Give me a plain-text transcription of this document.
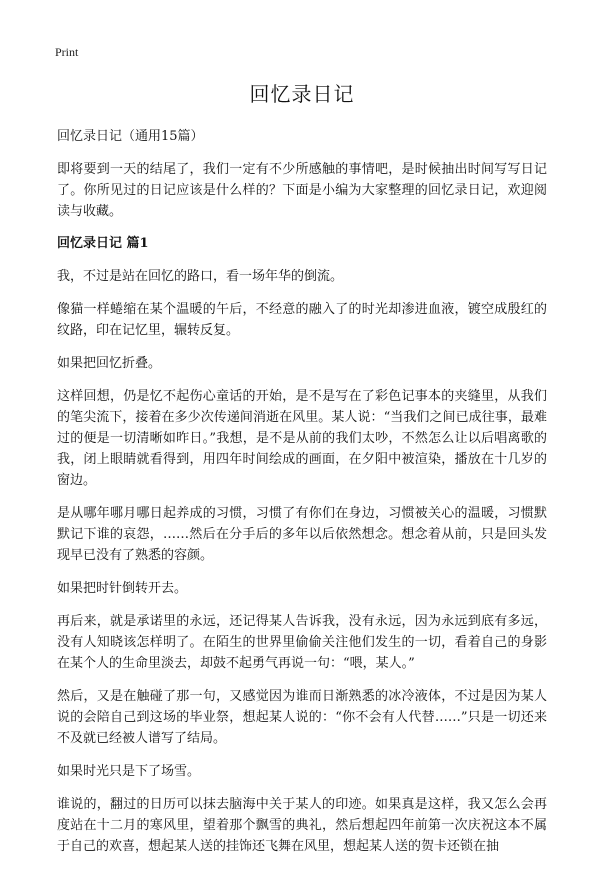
Print
回忆录日记
回忆录日记（通用15篇）

即将要到一天的结尾了，我们一定有不少所感触的事情吧，是时候抽出时间写写日记了。你所见过的日记应该是什么样的？下面是小编为大家整理的回忆录日记，欢迎阅读与收藏。

回忆录日记 篇1

我，不过是站在回忆的路口，看一场年华的倒流。

像猫一样蜷缩在某个温暖的午后，不经意的融入了的时光却渗进血液，镀空成殷红的纹路，印在记忆里，辗转反复。

如果把回忆折叠。

这样回想，仍是忆不起伤心童话的开始，是不是写在了彩色记事本的夹缝里，从我们的笔尖流下，接着在多少次传递间消逝在风里。某人说：“当我们之间已成往事，最难过的便是一切清晰如昨日。”我想，是不是从前的我们太吵，不然怎么让以后唱离歌的我，闭上眼睛就看得到，用四年时间绘成的画面，在夕阳中被渲染，播放在十几岁的窗边。

是从哪年哪月哪日起养成的习惯，习惯了有你们在身边，习惯被关心的温暖，习惯默默记下谁的哀怨，……然后在分手后的多年以后依然想念。想念着从前，只是回头发现早已没有了熟悉的容颜。

如果把时针倒转开去。

再后来，就是承诺里的永远，还记得某人告诉我，没有永远，因为永远到底有多远，没有人知晓该怎样明了。在陌生的世界里偷偷关注他们发生的一切，看着自己的身影在某个人的生命里淡去，却鼓不起勇气再说一句：“喂，某人。”

然后，又是在触碰了那一句，又感觉因为谁而日渐熟悉的冰冷液体，不过是因为某人说的会陪自己到这场的毕业祭，想起某人说的：“你不会有人代替……”只是一切还来不及就已经被人谱写了结局。

如果时光只是下了场雪。

谁说的，翻过的日历可以抹去脑海中关于某人的印迹。如果真是这样，我又怎么会再度站在十二月的寒风里，望着那个飘雪的典礼，然后想起四年前第一次庆祝这本不属于自己的欢喜，想起某人送的挂饰还飞舞在风里，想起某人送的贺卡还锁在抽
